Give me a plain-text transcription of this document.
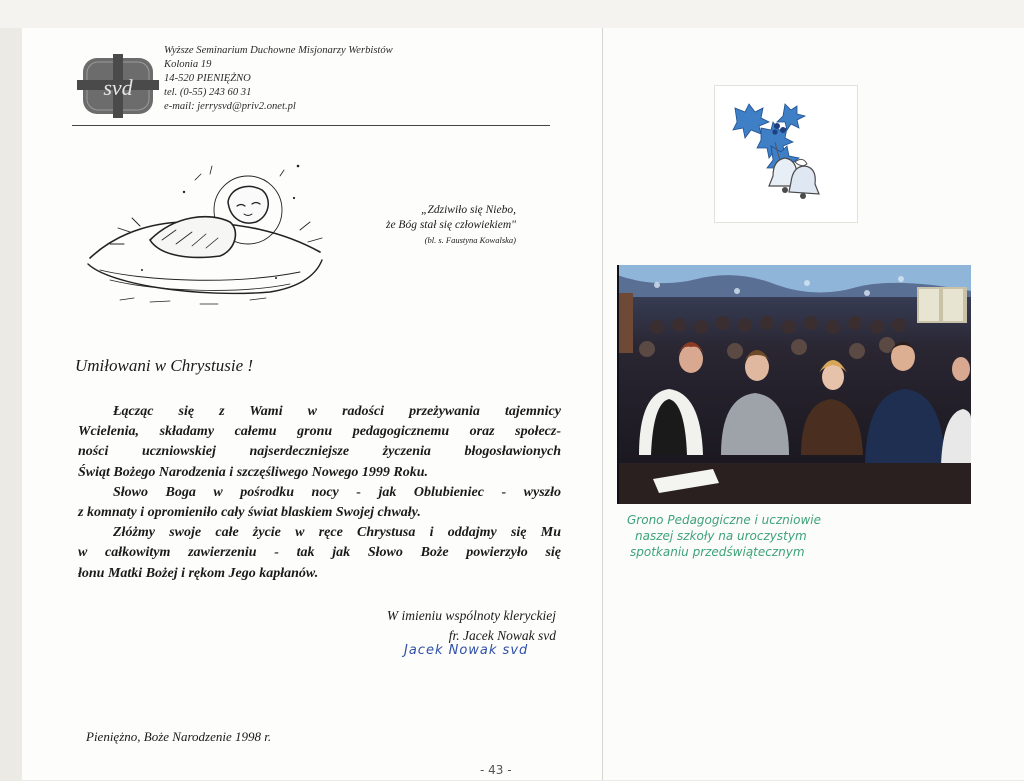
svd
Wyższe Seminarium Duchowne Misjonarzy Werbistów
Kolonia 19
14-520 PIENIĘŻNO
tel. (0-55) 243 60 31
e-mail: jerrysvd@priv2.onet.pl
„Zdziwiło się Niebo,
że Bóg stał się człowiekiem"
(bl. s. Faustyna Kowalska)
Umiłowani w Chrystusie !

Łącząc się z Wami w radości przeżywania tajemnicy

Wcielenia, składamy całemu gronu pedagogicznemu oraz społecz-

ności uczniowskiej najserdeczniejsze życzenia błogosławionych

Świąt Bożego Narodzenia i szczęśliwego Nowego 1999 Roku.

Słowo Boga w pośrodku nocy - jak Oblubieniec - wyszło

z komnaty i opromieniło cały świat blaskiem Swojej chwały.

Złóżmy swoje całe życie w ręce Chrystusa i oddajmy się Mu

w całkowitym zawierzeniu - tak jak Słowo Boże powierzyło się

łonu Matki Bożej i rękom Jego kapłanów.

W imieniu wspólnoty kleryckiej
fr. Jacek Nowak svd
Jacek Nowak svd
Pieniężno, Boże Narodzenie 1998 r.
- 43 -
Grono Pedagogiczne i uczniowie
naszej szkoły na uroczystym
spotkaniu przedświątecznym
